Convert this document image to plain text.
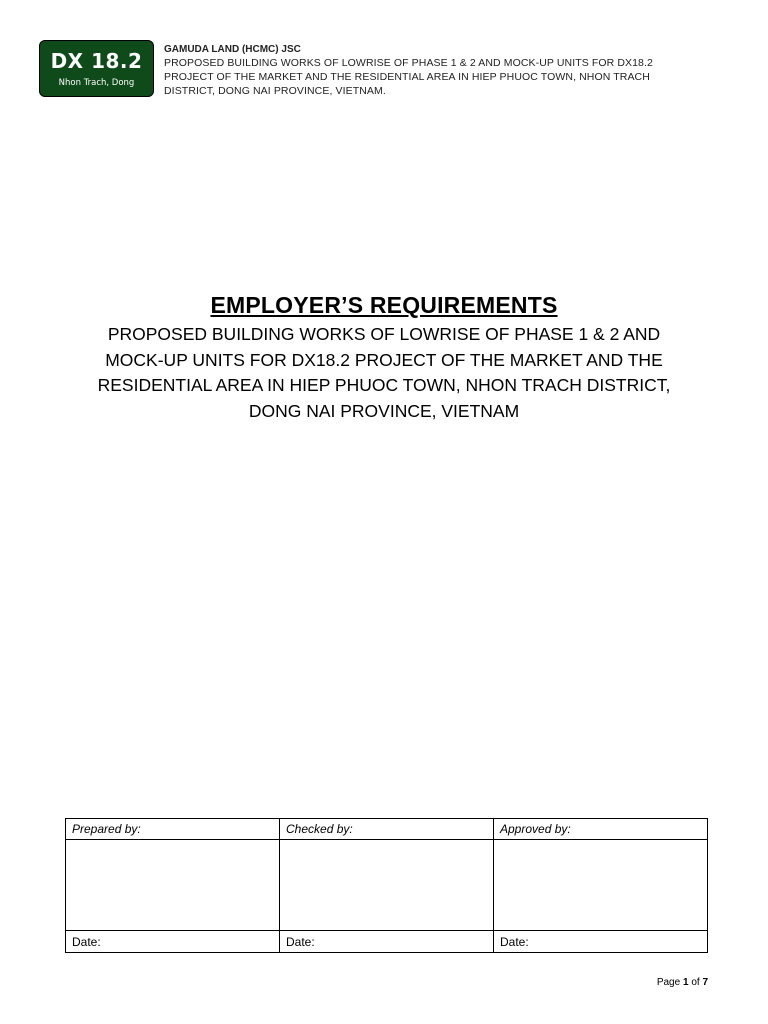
DX 18.2
Nhon Trach, Dong
GAMUDA LAND (HCMC) JSC
PROPOSED BUILDING WORKS OF LOWRISE OF PHASE 1 & 2 AND MOCK-UP UNITS FOR DX18.2
PROJECT OF THE MARKET AND THE RESIDENTIAL AREA IN HIEP PHUOC TOWN, NHON TRACH
DISTRICT, DONG NAI PROVINCE, VIETNAM.
EMPLOYER’S REQUIREMENTS
PROPOSED BUILDING WORKS OF LOWRISE OF PHASE 1 & 2 AND
MOCK-UP UNITS FOR DX18.2 PROJECT OF THE MARKET AND THE
RESIDENTIAL AREA IN HIEP PHUOC TOWN, NHON TRACH DISTRICT,
DONG NAI PROVINCE, VIETNAM
Prepared by:	Checked by:	Approved by:

Date:	Date:	Date:
Page 1 of 7
